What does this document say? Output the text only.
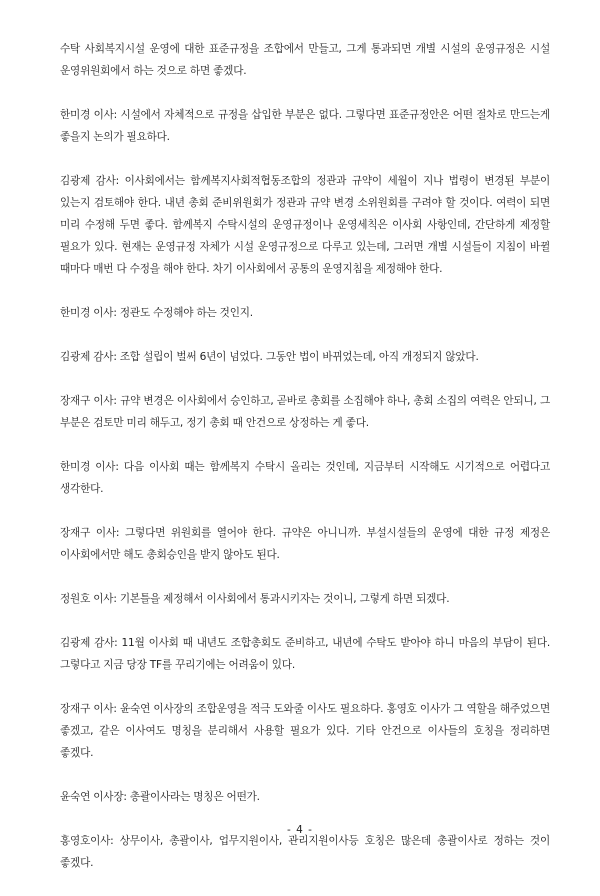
수탁 사회복지시설 운영에 대한 표준규정을 조합에서 만들고, 그게 통과되면 개별 시설의 운영규정은 시설 운영위원회에서 하는 것으로 하면 좋겠다.

한미경 이사: 시설에서 자체적으로 규정을 삽입한 부분은 없다. 그렇다면 표준규정안은 어떤 절차로 만드는게 좋을지 논의가 필요하다.

김광제 감사: 이사회에서는 함께복지사회적협동조합의 정관과 규약이 세월이 지나 법령이 변경된 부분이 있는지 검토해야 한다. 내년 총회 준비위원회가 정관과 규약 변경 소위원회를 구려야 할 것이다. 여력이 되면 미리 수정해 두면 좋다. 함께복지 수탁시설의 운영규정이나 운영세칙은 이사회 사항인데, 간단하게 제정할 필요가 있다. 현재는 운영규정 자체가 시설 운영규정으로 다루고 있는데, 그러면 개별 시설들이 지침이 바뀔 때마다 매번 다 수정을 해야 한다. 차기 이사회에서 공통의 운영지침을 제정해야 한다.

한미경 이사: 정관도 수정해야 하는 것인지.

김광제 감사: 조합 설립이 벌써 6년이 넘었다. 그동안 법이 바뀌었는데, 아직 개정되지 않았다.

장재구 이사: 규약 변경은 이사회에서 승인하고, 곧바로 총회를 소집해야 하나, 총회 소집의 여력은 안되니, 그 부분은 검토만 미리 해두고, 정기 총회 때 안건으로 상정하는 게 좋다.

한미경 이사: 다음 이사회 때는 함께복지 수탁시 올리는 것인데, 지금부터 시작해도 시기적으로 어렵다고 생각한다.

장재구 이사: 그렇다면 위원회를 열어야 한다. 규약은 아니니까. 부설시설들의 운영에 대한 규정 제정은 이사회에서만 해도 총회승인을 받지 않아도 된다.

정원호 이사: 기본틀을 제정해서 이사회에서 통과시키자는 것이니, 그렇게 하면 되겠다.

김광제 감사: 11월 이사회 때 내년도 조합총회도 준비하고, 내년에 수탁도 받아야 하니 마음의 부담이 된다. 그렇다고 지금 당장 TF를 꾸리기에는 어려움이 있다.

장재구 이사: 윤숙연 이사장의 조합운영을 적극 도와줄 이사도 필요하다. 홍영호 이사가 그 역할을 해주었으면 좋겠고, 같은 이사여도 명칭을 분리해서 사용할 필요가 있다. 기타 안건으로 이사들의 호칭을 정리하면 좋겠다.

윤숙연 이사장: 총괄이사라는 명칭은 어떤가.

홍영호이사: 상무이사, 총괄이사, 업무지원이사, 관리지원이사등 호칭은 많은데 총괄이사로 정하는 것이 좋겠다.

- 4 -
